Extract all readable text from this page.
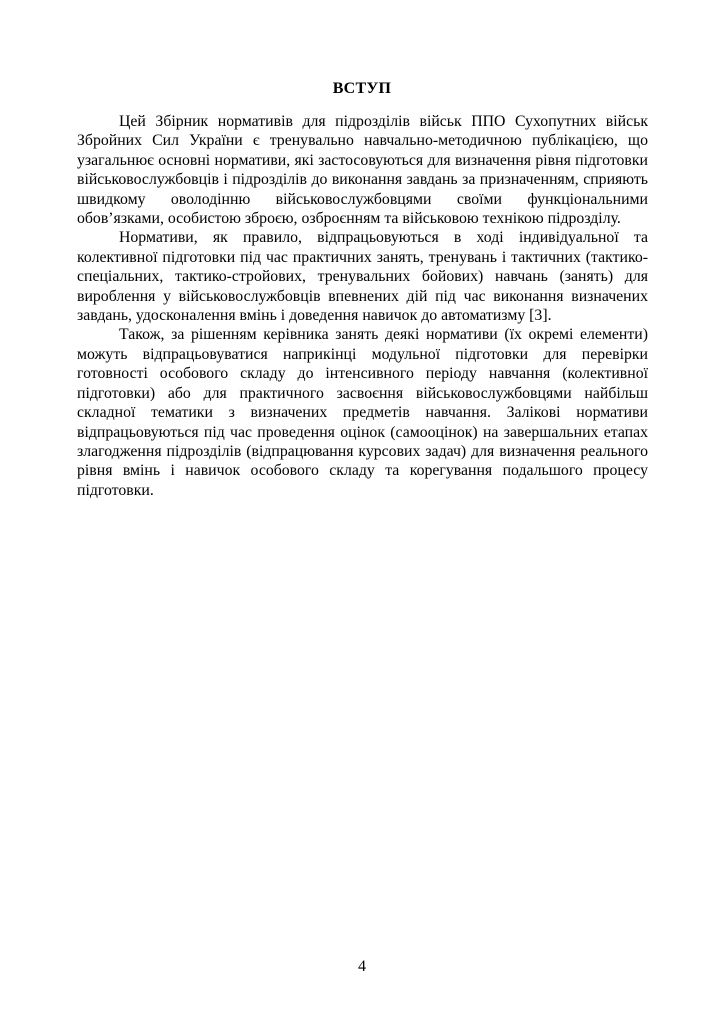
ВСТУП

Цей Збірник нормативів для підрозділів військ ППО Сухопутних військ Збройних Сил України є тренувально навчально-методичною публікацією, що узагальнює основні нормативи, які застосовуються для визначення рівня підготовки військовослужбовців і підрозділів до виконання завдань за призначенням, сприяють швидкому оволодінню військовослужбовцями своїми функціональними обов’язками, особистою зброєю, озброєнням та військовою технікою підрозділу.

Нормативи, як правило, відпрацьовуються в ході індивідуальної та колективної підготовки під час практичних занять, тренувань і тактичних (тактико-спеціальних, тактико-стройових, тренувальних бойових) навчань (занять) для вироблення у військовослужбовців впевнених дій під час виконання визначених завдань, удосконалення вмінь і доведення навичок до автоматизму [3].

Також, за рішенням керівника занять деякі нормативи (їх окремі елементи) можуть відпрацьовуватися наприкінці модульної підготовки для перевірки готовності особового складу до інтенсивного періоду навчання (колективної підготовки) або для практичного засвоєння військовослужбовцями найбільш складної тематики з визначених предметів навчання. Залікові нормативи відпрацьовуються під час проведення оцінок (самооцінок) на завершальних етапах злагодження підрозділів (відпрацювання курсових задач) для визначення реального рівня вмінь і навичок особового складу та корегування подальшого процесу підготовки.

4
